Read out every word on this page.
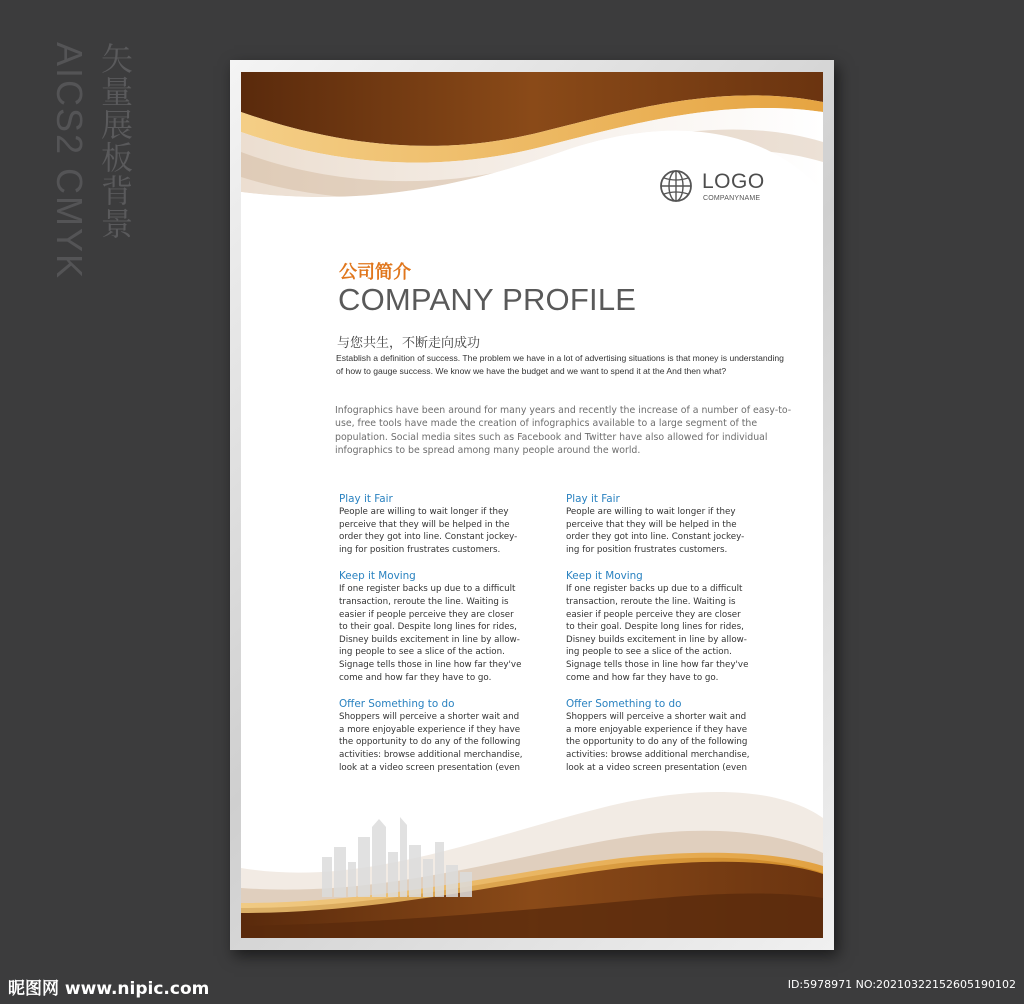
矢量展板背景
AICS2 CMYK	LOGO
COMPANYNAME
公司简介
COMPANY PROFILE
与您共生，不断走向成功
Establish a definition of success. The problem we have in a lot of advertising situations is that money is understanding of how to gauge success. We know we have the budget and we want to spend it at the And then what?
Infographics have been around for many years and recently the increase of a number of easy-to-use, free tools have made the creation of infographics available to a large segment of the population. Social media sites such as Facebook and Twitter have also allowed for individual infographics to be spread among many people around the world.
Play it Fair
People are willing to wait longer if they
perceive that they will be helped in the
order they got into line. Constant jockey-
ing for position frustrates customers.
Keep it Moving
If one register backs up due to a difficult
transaction, reroute the line. Waiting is
easier if people perceive they are closer
to their goal. Despite long lines for rides,
Disney builds excitement in line by allow-
ing people to see a slice of the action.
Signage tells those in line how far they've
come and how far they have to go.
Offer Something to do
Shoppers will perceive a shorter wait and
a more enjoyable experience if they have
the opportunity to do any of the following
activities: browse additional merchandise,
look at a video screen presentation (even
Play it Fair
People are willing to wait longer if they
perceive that they will be helped in the
order they got into line. Constant jockey-
ing for position frustrates customers.
Keep it Moving
If one register backs up due to a difficult
transaction, reroute the line. Waiting is
easier if people perceive they are closer
to their goal. Despite long lines for rides,
Disney builds excitement in line by allow-
ing people to see a slice of the action.
Signage tells those in line how far they've
come and how far they have to go.
Offer Something to do
Shoppers will perceive a shorter wait and
a more enjoyable experience if they have
the opportunity to do any of the following
activities: browse additional merchandise,
look at a video screen presentation (even
昵图网 www.nipic.com	ID:5978971 NO:20210322152605190102
